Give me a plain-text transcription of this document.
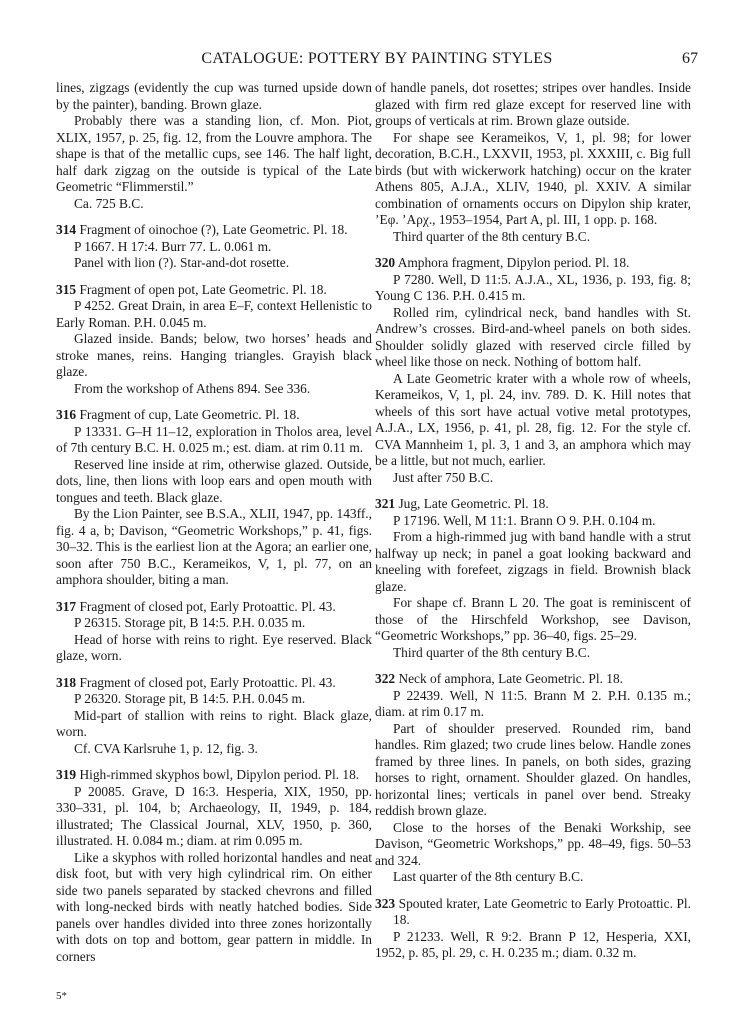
CATALOGUE: POTTERY BY PAINTING STYLES	67

lines, zigzags (evidently the cup was turned upside down by the painter), banding. Brown glaze.

Probably there was a standing lion, cf. Mon. Piot, XLIX, 1957, p. 25, fig. 12, from the Louvre amphora. The shape is that of the metallic cups, see 146. The half light, half dark zigzag on the outside is typical of the Late Geometric “Flimmerstil.”

Ca. 725 B.C.

314 Fragment of oinochoe (?), Late Geometric. Pl. 18.

P 1667. H 17:4. Burr 77. L. 0.061 m.

Panel with lion (?). Star-and-dot rosette.

315 Fragment of open pot, Late Geometric. Pl. 18.

P 4252. Great Drain, in area E–F, context Hellenistic to Early Roman. P.H. 0.045 m.

Glazed inside. Bands; below, two horses’ heads and stroke manes, reins. Hanging triangles. Grayish black glaze.

From the workshop of Athens 894. See 336.

316 Fragment of cup, Late Geometric. Pl. 18.

P 13331. G–H 11–12, exploration in Tholos area, level of 7th century B.C. H. 0.025 m.; est. diam. at rim 0.11 m.

Reserved line inside at rim, otherwise glazed. Outside, dots, line, then lions with loop ears and open mouth with tongues and teeth. Black glaze.

By the Lion Painter, see B.S.A., XLII, 1947, pp. 143ff., fig. 4 a, b; Davison, “Geometric Workshops,” p. 41, figs. 30–32. This is the earliest lion at the Agora; an earlier one, soon after 750 B.C., Kerameikos, V, 1, pl. 77, on an amphora shoulder, biting a man.

317 Fragment of closed pot, Early Protoattic. Pl. 43.

P 26315. Storage pit, B 14:5. P.H. 0.035 m.

Head of horse with reins to right. Eye reserved. Black glaze, worn.

318 Fragment of closed pot, Early Protoattic. Pl. 43.

P 26320. Storage pit, B 14:5. P.H. 0.045 m.

Mid-part of stallion with reins to right. Black glaze, worn.

Cf. CVA Karlsruhe 1, p. 12, fig. 3.

319 High-rimmed skyphos bowl, Dipylon period. Pl. 18.

P 20085. Grave, D 16:3. Hesperia, XIX, 1950, pp. 330–331, pl. 104, b; Archaeology, II, 1949, p. 184, illustrated; The Classical Journal, XLV, 1950, p. 360, illustrated. H. 0.084 m.; diam. at rim 0.095 m.

Like a skyphos with rolled horizontal handles and neat disk foot, but with very high cylindrical rim. On either side two panels separated by stacked chevrons and filled with long-necked birds with neatly hatched bodies. Side panels over handles divided into three zones horizontally with dots on top and bottom, gear pattern in middle. In corners

of handle panels, dot rosettes; stripes over handles. Inside glazed with firm red glaze except for reserved line with groups of verticals at rim. Brown glaze outside.

For shape see Kerameikos, V, 1, pl. 98; for lower decoration, B.C.H., LXXVII, 1953, pl. XXXIII, c. Big full birds (but with wickerwork hatching) occur on the krater Athens 805, A.J.A., XLIV, 1940, pl. XXIV. A similar combination of ornaments occurs on Dipylon ship krater, ’Εφ. ’Αρχ., 1953–1954, Part A, pl. III, 1 opp. p. 168.

Third quarter of the 8th century B.C.

320 Amphora fragment, Dipylon period. Pl. 18.

P 7280. Well, D 11:5. A.J.A., XL, 1936, p. 193, fig. 8; Young C 136. P.H. 0.415 m.

Rolled rim, cylindrical neck, band handles with St. Andrew’s crosses. Bird-and-wheel panels on both sides. Shoulder solidly glazed with reserved circle filled by wheel like those on neck. Nothing of bottom half.

A Late Geometric krater with a whole row of wheels, Kerameikos, V, 1, pl. 24, inv. 789. D. K. Hill notes that wheels of this sort have actual votive metal prototypes, A.J.A., LX, 1956, p. 41, pl. 28, fig. 12. For the style cf. CVA Mannheim 1, pl. 3, 1 and 3, an amphora which may be a little, but not much, earlier.

Just after 750 B.C.

321 Jug, Late Geometric. Pl. 18.

P 17196. Well, M 11:1. Brann O 9. P.H. 0.104 m.

From a high-rimmed jug with band handle with a strut halfway up neck; in panel a goat looking backward and kneeling with forefeet, zigzags in field. Brownish black glaze.

For shape cf. Brann L 20. The goat is reminiscent of those of the Hirschfeld Workshop, see Davison, “Geometric Workshops,” pp. 36–40, figs. 25–29.

Third quarter of the 8th century B.C.

322 Neck of amphora, Late Geometric. Pl. 18.

P 22439. Well, N 11:5. Brann M 2. P.H. 0.135 m.; diam. at rim 0.17 m.

Part of shoulder preserved. Rounded rim, band handles. Rim glazed; two crude lines below. Handle zones framed by three lines. In panels, on both sides, grazing horses to right, ornament. Shoulder glazed. On handles, horizontal lines; verticals in panel over bend. Streaky reddish brown glaze.

Close to the horses of the Benaki Workship, see Davison, “Geometric Workshops,” pp. 48–49, figs. 50–53 and 324.

Last quarter of the 8th century B.C.

323 Spouted krater, Late Geometric to Early Protoattic. Pl. 18.

P 21233. Well, R 9:2. Brann P 12, Hesperia, XXI, 1952, p. 85, pl. 29, c. H. 0.235 m.; diam. 0.32 m.

5*
